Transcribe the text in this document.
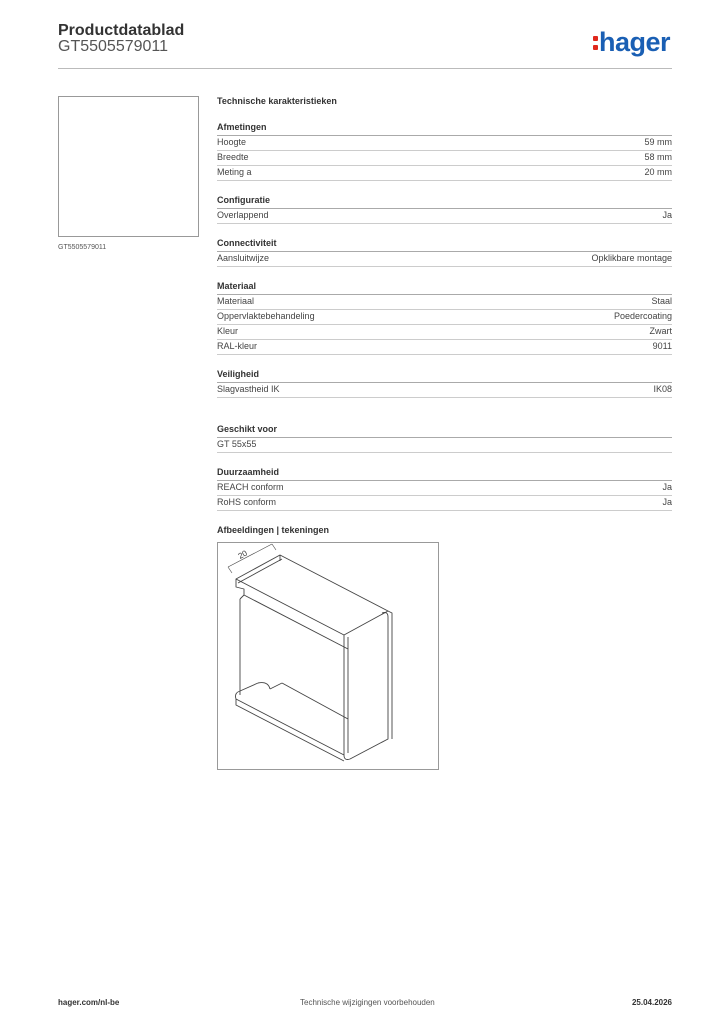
Productdatablad
GT5505579011	hager
GT5505579011
Technische karakteristieken
Afmetingen
Hoogte	59 mm
Breedte	58 mm
Meting a	20 mm
Configuratie
Overlappend	Ja
Connectiviteit
Aansluitwijze	Opklikbare montage
Materiaal
Materiaal	Staal
Oppervlaktebehandeling	Poedercoating
Kleur	Zwart
RAL-kleur	9011
Veiligheid
Slagvastheid IK	IK08
Geschikt voor
GT 55x55
Duurzaamheid
REACH conform	Ja
RoHS conform	Ja
Afbeeldingen | tekeningen
20
hager.com/nl-be	Technische wijzigingen voorbehouden	25.04.2026
